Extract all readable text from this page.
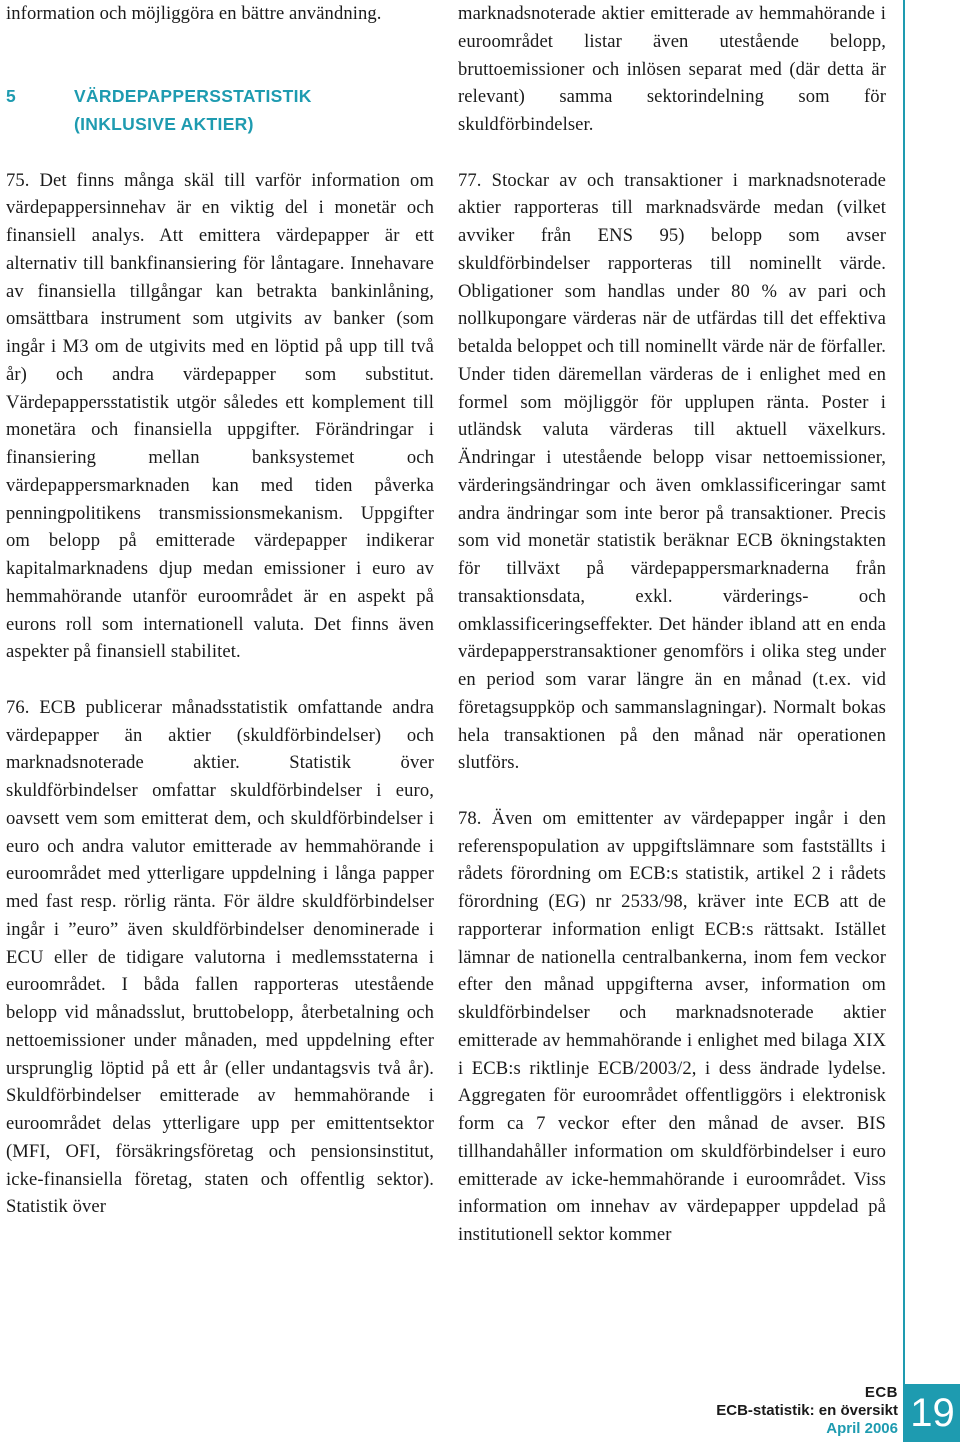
information och möjliggöra en bättre användning.

5	VÄRDEPAPPERSSTATISTIK
(INKLUSIVE AKTIER)

75. Det finns många skäl till varför information om värdepappersinnehav är en viktig del i monetär och finansiell analys. Att emittera värdepapper är ett alternativ till bankfinansiering för låntagare. Innehavare av finansiella tillgångar kan betrakta bankinlåning, omsättbara instrument som utgivits av banker (som ingår i M3 om de utgivits med en löptid på upp till två år) och andra värdepapper som substitut. Värdepappersstatistik utgör således ett komplement till monetära och finansiella uppgifter. Förändringar i finansiering mellan banksystemet och värdepappersmarknaden kan med tiden påverka penningpolitikens transmissionsmekanism. Uppgifter om belopp på emitterade värdepapper indikerar kapitalmarknadens djup medan emissioner i euro av hemmahörande utanför euroområdet är en aspekt på eurons roll som internationell valuta. Det finns även aspekter på finansiell stabilitet.

76. ECB publicerar månadsstatistik omfattande andra värdepapper än aktier (skuldförbindelser) och marknadsnoterade aktier. Statistik över skuldförbindelser omfattar skuldförbindelser i euro, oavsett vem som emitterat dem, och skuldförbindelser i euro och andra valutor emitterade av hemmahörande i euroområdet med ytterligare uppdelning i långa papper med fast resp. rörlig ränta. För äldre skuldförbindelser ingår i ”euro” även skuldförbindelser denominerade i ECU eller de tidigare valutorna i medlemsstaterna i euroområdet. I båda fallen rapporteras utestående belopp vid månadsslut, bruttobelopp, återbetalning och nettoemissioner under månaden, med uppdelning efter ursprunglig löptid på ett år (eller undantagsvis två år). Skuldförbindelser emitterade av hemmahörande i euroområdet delas ytterligare upp per emittentsektor (MFI, OFI, försäkringsföretag och pensionsinstitut, icke-finansiella företag, staten och offentlig sektor). Statistik över

marknadsnoterade aktier emitterade av hemmahörande i euroområdet listar även utestående belopp, bruttoemissioner och inlösen separat med (där detta är relevant) samma sektorindelning som för skuldförbindelser.

77. Stockar av och transaktioner i marknadsnoterade aktier rapporteras till marknadsvärde medan (vilket avviker från ENS 95) belopp som avser skuldförbindelser rapporteras till nominellt värde. Obligationer som handlas under 80 % av pari och nollkupongare värderas när de utfärdas till det effektiva betalda beloppet och till nominellt värde när de förfaller. Under tiden däremellan värderas de i enlighet med en formel som möjliggör för upplupen ränta. Poster i utländsk valuta värderas till aktuell växelkurs. Ändringar i utestående belopp visar nettoemissioner, värderingsändringar och även omklassificeringar samt andra ändringar som inte beror på transaktioner. Precis som vid monetär statistik beräknar ECB ökningstakten för tillväxt på värdepappersmarknaderna från transaktionsdata, exkl. värderings- och omklassificeringseffekter. Det händer ibland att en enda värdepapperstransaktioner genomförs i olika steg under en period som varar längre än en månad (t.ex. vid företagsuppköp och sammanslagningar). Normalt bokas hela transaktionen på den månad när operationen slutförs.

78. Även om emittenter av värdepapper ingår i den referenspopulation av uppgiftslämnare som fastställts i rådets förordning om ECB:s statistik, artikel 2 i rådets förordning (EG) nr 2533/98, kräver inte ECB att de rapporterar information enligt ECB:s rättsakt. Istället lämnar de nationella centralbankerna, inom fem veckor efter den månad uppgifterna avser, information om skuldförbindelser och marknadsnoterade aktier emitterade av hemmahörande i enlighet med bilaga XIX i ECB:s riktlinje ECB/2003/2, i dess ändrade lydelse. Aggregaten för euroområdet offentliggörs i elektronisk form ca 7 veckor efter den månad de avser. BIS tillhandahåller information om skuldförbindelser i euro emitterade av icke-hemmahörande i euroområdet. Viss information om innehav av värdepapper uppdelad på institutionell sektor kommer

ECB
ECB-statistik: en översikt
April 2006 19
